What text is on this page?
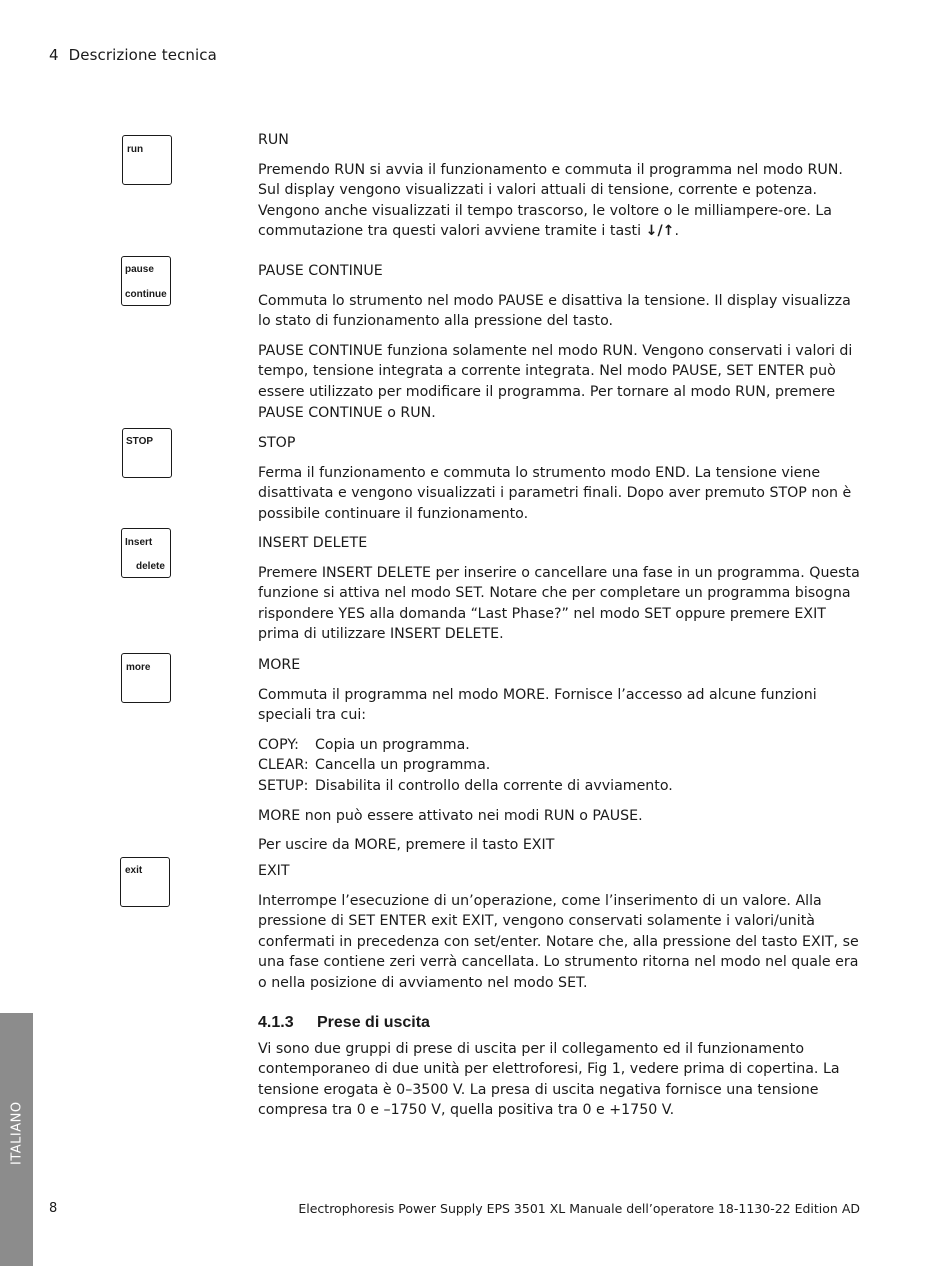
4 Descrizione tecnica
run
pause
continue
STOP
Insert
delete
more
exit
RUN

Premendo RUN si avvia il funzionamento e commuta il programma nel modo RUN. Sul display vengono visualizzati i valori attuali di tensione, corrente e potenza. Vengono anche visualizzati il tempo trascorso, le voltore o le milliampere-ore. La commutazione tra questi valori avviene tramite i tasti ↓/↑.

PAUSE CONTINUE

Commuta lo strumento nel modo PAUSE e disattiva la tensione. Il display visualizza lo stato di funzionamento alla pressione del tasto.

PAUSE CONTINUE funziona solamente nel modo RUN. Vengono conservati i valori di tempo, tensione integrata a corrente integrata. Nel modo PAUSE, SET ENTER può essere utilizzato per modificare il programma. Per tornare al modo RUN, premere PAUSE CONTINUE o RUN.

STOP

Ferma il funzionamento e commuta lo strumento modo END. La tensione viene disattivata e vengono visualizzati i parametri finali. Dopo aver premuto STOP non è possibile continuare il funzionamento.

INSERT DELETE

Premere INSERT DELETE per inserire o cancellare una fase in un programma. Questa funzione si attiva nel modo SET. Notare che per completare un programma bisogna rispondere YES alla domanda “Last Phase?” nel modo SET oppure premere EXIT prima di utilizzare INSERT DELETE.

MORE

Commuta il programma nel modo MORE. Fornisce l’accesso ad alcune funzioni speciali tra cui:

COPY:	Copia un programma.
CLEAR: Cancella un programma.
SETUP: Disabilita il controllo della corrente di avviamento.

MORE non può essere attivato nei modi RUN o PAUSE.

Per uscire da MORE, premere il tasto EXIT

EXIT

Interrompe l’esecuzione di un’operazione, come l’inserimento di un valore. Alla pressione di SET ENTER exit EXIT, vengono conservati solamente i valori/unità confermati in precedenza con set/enter. Notare che, alla pressione del tasto EXIT, se una fase contiene zeri verrà cancellata. Lo strumento ritorna nel modo nel quale era o nella posizione di avviamento nel modo SET.

4.1.3 Prese di uscita

Vi sono due gruppi di prese di uscita per il collegamento ed il funzionamento contemporaneo di due unità per elettroforesi, Fig 1, vedere prima di copertina. La tensione erogata è 0–3500 V. La presa di uscita negativa fornisce una tensione compresa tra 0 e –1750 V, quella positiva tra 0 e +1750 V.

ITALIANO
8	Electrophoresis Power Supply EPS 3501 XL Manuale dell’operatore 18-1130-22 Edition AD
